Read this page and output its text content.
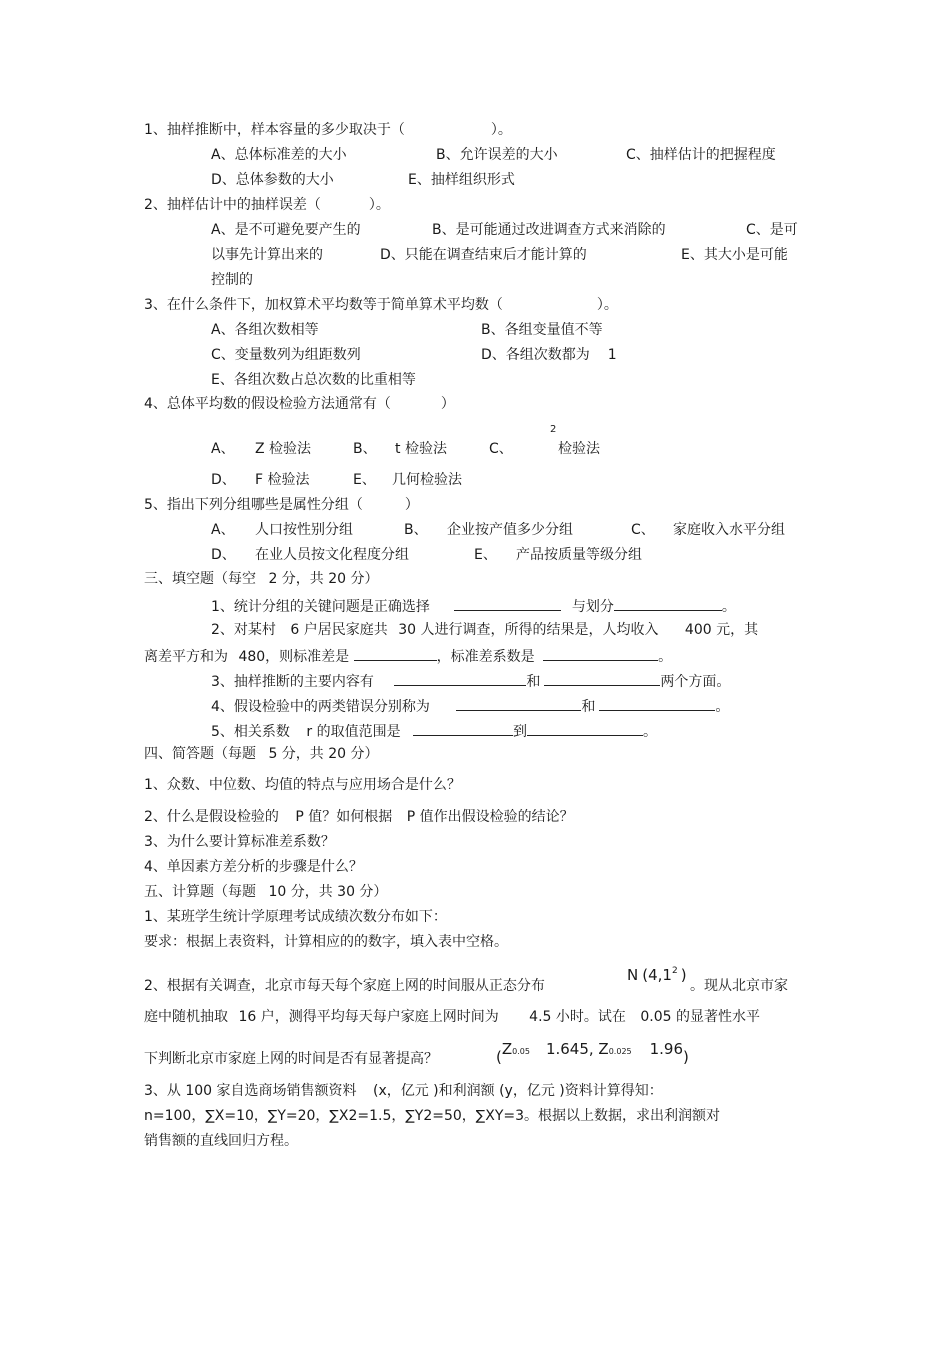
1、抽样推断中，样本容量的多少取决于（	）。
A、总体标准差的大小	B、允许误差的大小	C、抽样估计的把握程度
D、总体参数的大小	E、抽样组织形式
2、抽样估计中的抽样误差（	）。
A、是不可避免要产生的	B、是可能通过改进调查方式来消除的	C、是可
以事先计算出来的	D、只能在调查结束后才能计算的	E、其大小是可能
控制的
3、在什么条件下，加权算术平均数等于简单算术平均数（	）。
A、各组次数相等	B、各组变量值不等
C、变量数列为组距数列	D、各组次数都为 1
E、各组次数占总次数的比重相等
4、总体平均数的假设检验方法通常有（	）
2
A、 Z 检验法	B、 t 检验法	C、	检验法
D、 F 检验法	E、 几何检验法
5、指出下列分组哪些是属性分组（	）
A、 人口按性别分组	B、 企业按产值多少分组	C、 家庭收入水平分组
D、 在业人员按文化程度分组	E、 产品按质量等级分组
三、填空题（每空 2 分，共 20 分）
1、统计分组的关键问题是正确选择	与划分	。
2、对某村 6 户居民家庭共 30 人进行调查，所得的结果是，人均收入 400 元，其
离差平方和为 480，则标准差是	，标准差系数是	。
3、抽样推断的主要内容有	和	两个方面。
4、假设检验中的两类错误分别称为	和	。
5、相关系数 r 的取值范围是	到	。
四、简答题（每题 5 分，共 20 分）
1、众数、中位数、均值的特点与应用场合是什么？
2、什么是假设检验的 P 值？如何根据 P 值作出假设检验的结论？
3、为什么要计算标准差系数？
4、单因素方差分析的步骤是什么？
五、计算题（每题 10 分，共 30 分）
1、某班学生统计学原理考试成绩次数分布如下：
要求：根据上表资料，计算相应的的数字，填入表中空格。
2、根据有关调查，北京市每天每个家庭上网的时间服从正态分布
N ($4,1^2$ )
。现从北京市家
庭中随机抽取 16 户，测得平均每天每户家庭上网时间为 4.5 小时。试在 0.05 的显著性水平
下判断北京市家庭上网的时间是否有显著提高？	(Z0.05 1.645, Z0.025 1.96)
3、从 100 家自选商场销售额资料 (x，亿元 )和利润额 (y，亿元 )资料计算得知：
n=100，∑X=10，∑Y=20，∑X2=1.5，∑Y2=50，∑XY=3。根据以上数据，求出利润额对
销售额的直线回归方程。
